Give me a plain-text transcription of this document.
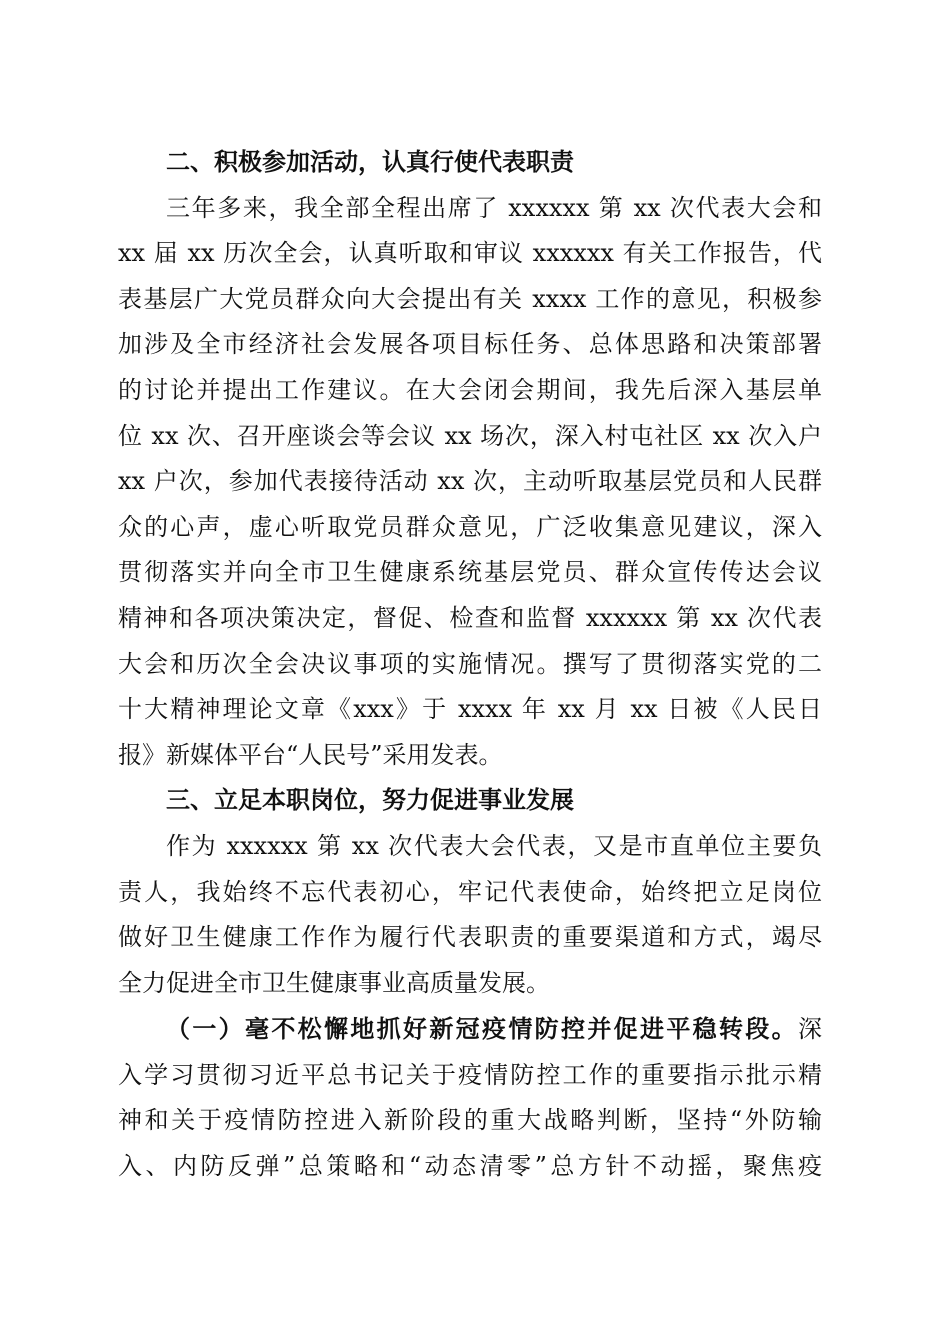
二、积极参加活动，认真行使代表职责

三年多来，我全部全程出席了 xxxxxx 第 xx 次代表大会和

xx 届 xx 历次全会，认真听取和审议 xxxxxx 有关工作报告，代

表基层广大党员群众向大会提出有关 xxxx 工作的意见，积极参

加涉及全市经济社会发展各项目标任务、总体思路和决策部署

的讨论并提出工作建议。在大会闭会期间，我先后深入基层单

位 xx 次、召开座谈会等会议 xx 场次，深入村屯社区 xx 次入户

xx 户次，参加代表接待活动 xx 次，主动听取基层党员和人民群

众的心声，虚心听取党员群众意见，广泛收集意见建议，深入

贯彻落实并向全市卫生健康系统基层党员、群众宣传传达会议

精神和各项决策决定，督促、检查和监督 xxxxxx 第 xx 次代表

大会和历次全会决议事项的实施情况。撰写了贯彻落实党的二

十大精神理论文章《xxx》于 xxxx 年 xx 月 xx 日被《人民日

报》新媒体平台“人民号”采用发表。

三、立足本职岗位，努力促进事业发展

作为 xxxxxx 第 xx 次代表大会代表，又是市直单位主要负

责人，我始终不忘代表初心，牢记代表使命，始终把立足岗位

做好卫生健康工作作为履行代表职责的重要渠道和方式，竭尽

全力促进全市卫生健康事业高质量发展。

（一）毫不松懈地抓好新冠疫情防控并促进平稳转段。深

入学习贯彻习近平总书记关于疫情防控工作的重要指示批示精

神和关于疫情防控进入新阶段的重大战略判断，坚持“外防输

入、内防反弹”总策略和“动态清零”总方针不动摇，聚焦疫
